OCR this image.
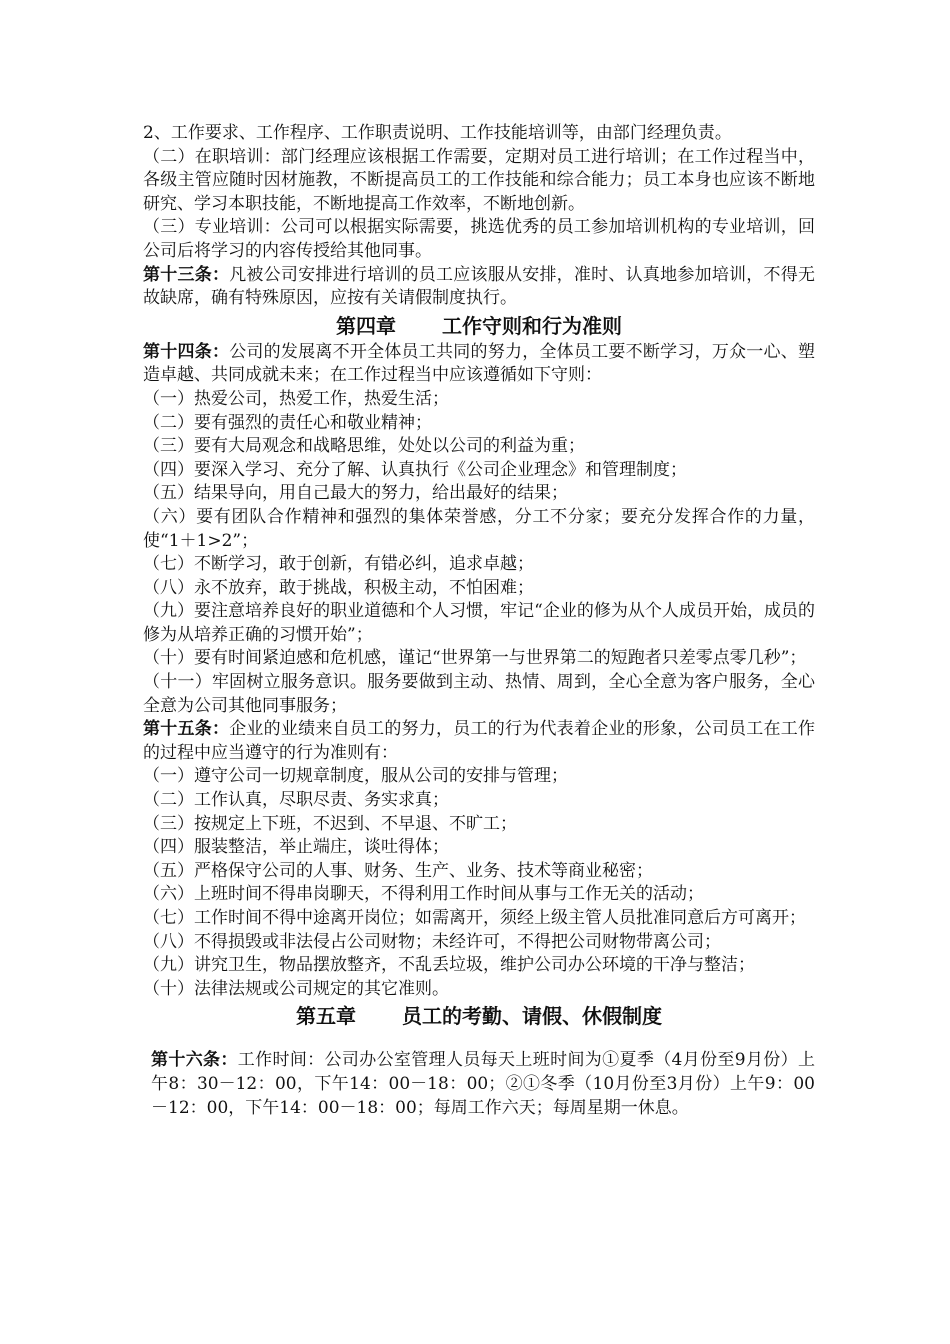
2、工作要求、工作程序、工作职责说明、工作技能培训等，由部门经理负责。

（二）在职培训：部门经理应该根据工作需要，定期对员工进行培训；在工作过程当中，各级主管应随时因材施教，不断提高员工的工作技能和综合能力；员工本身也应该不断地研究、学习本职技能，不断地提高工作效率，不断地创新。

（三）专业培训：公司可以根据实际需要，挑选优秀的员工参加培训机构的专业培训，回公司后将学习的内容传授给其他同事。

第十三条：凡被公司安排进行培训的员工应该服从安排，准时、认真地参加培训，不得无故缺席，确有特殊原因，应按有关请假制度执行。

第四章 工作守则和行为准则

第十四条：公司的发展离不开全体员工共同的努力，全体员工要不断学习，万众一心、塑造卓越、共同成就未来；在工作过程当中应该遵循如下守则：

（一）热爱公司，热爱工作，热爱生活；

（二）要有强烈的责任心和敬业精神；

（三）要有大局观念和战略思维，处处以公司的利益为重；

（四）要深入学习、充分了解、认真执行《公司企业理念》和管理制度；

（五）结果导向，用自己最大的努力，给出最好的结果；

（六）要有团队合作精神和强烈的集体荣誉感，分工不分家；要充分发挥合作的力量，使“1＋1>2”；

（七）不断学习，敢于创新，有错必纠，追求卓越；

（八）永不放弃，敢于挑战，积极主动，不怕困难；

（九）要注意培养良好的职业道德和个人习惯，牢记“企业的修为从个人成员开始，成员的修为从培养正确的习惯开始”；

（十）要有时间紧迫感和危机感，谨记“世界第一与世界第二的短跑者只差零点零几秒”；

（十一）牢固树立服务意识。服务要做到主动、热情、周到，全心全意为客户服务，全心全意为公司其他同事服务；

第十五条：企业的业绩来自员工的努力，员工的行为代表着企业的形象，公司员工在工作的过程中应当遵守的行为准则有：

（一）遵守公司一切规章制度，服从公司的安排与管理；

（二）工作认真，尽职尽责、务实求真；

（三）按规定上下班，不迟到、不早退、不旷工；

（四）服装整洁，举止端庄，谈吐得体；

（五）严格保守公司的人事、财务、生产、业务、技术等商业秘密；

（六）上班时间不得串岗聊天，不得利用工作时间从事与工作无关的活动；

（七）工作时间不得中途离开岗位；如需离开，须经上级主管人员批准同意后方可离开；

（八）不得损毁或非法侵占公司财物；未经许可，不得把公司财物带离公司；

（九）讲究卫生，物品摆放整齐，不乱丢垃圾，维护公司办公环境的干净与整洁；

（十）法律法规或公司规定的其它准则。

第五章 员工的考勤、请假、休假制度

第十六条：工作时间：公司办公室管理人员每天上班时间为①夏季（4月份至9月份）上午8：30－12：00，下午14：00－18：00；②①冬季（10月份至3月份）上午9：00－12：00，下午14：00－18：00；每周工作六天；每周星期一休息。
